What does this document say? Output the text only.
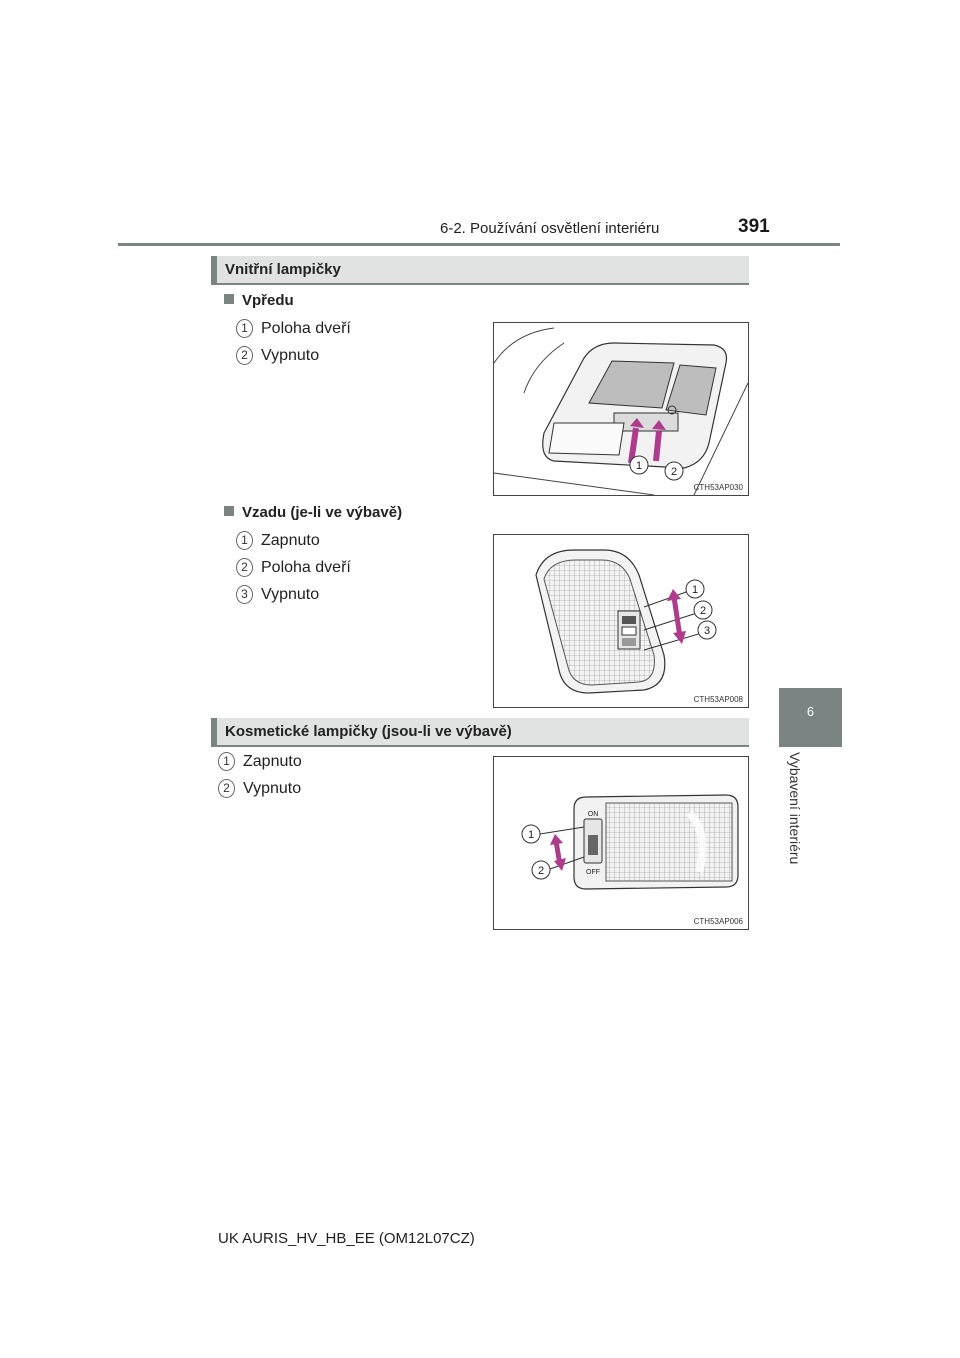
6-2. Používání osvětlení interiéru	391
6
Vybavení interiéru
Vnitřní lampičky
Vpředu
1 Poloha dveří
2 Vypnuto
1	2
CTH53AP030
Vzadu (je-li ve výbavě)
1 Zapnuto
2 Poloha dveří
3 Vypnuto	1
2
3
CTH53AP008
Kosmetické lampičky (jsou-li ve výbavě)
1 Zapnuto
2 Vypnuto
ON
OFF
1
2
CTH53AP006
UK AURIS_HV_HB_EE (OM12L07CZ)
